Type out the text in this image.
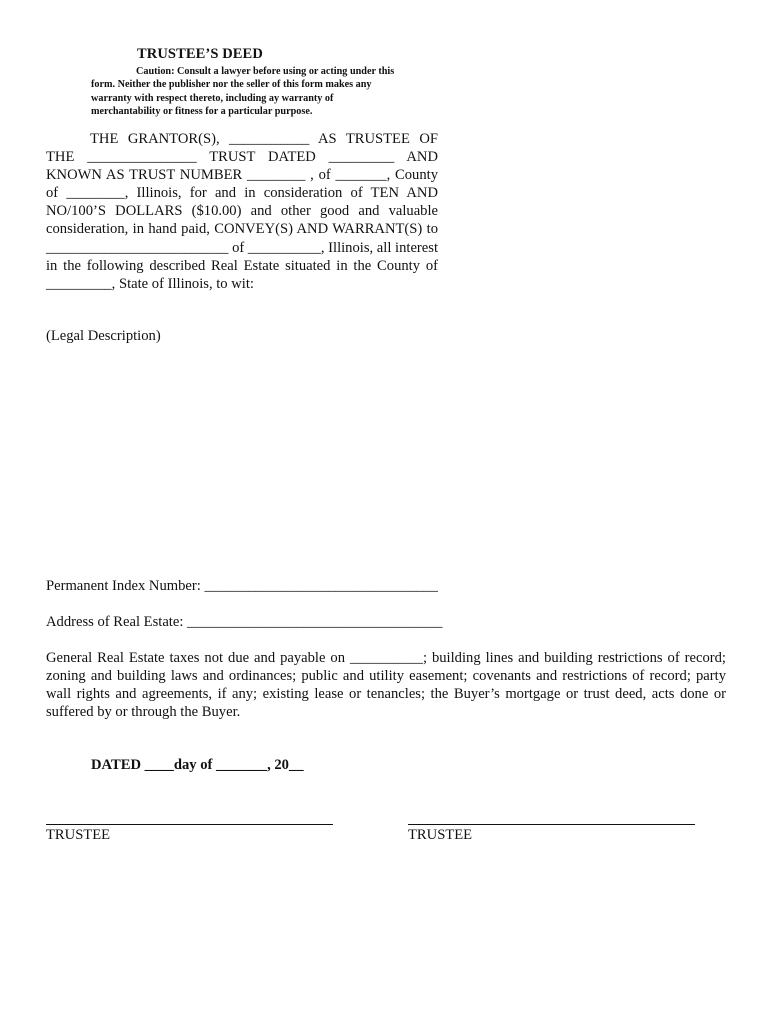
TRUSTEE’S DEED
Caution: Consult a lawyer before using or acting under this
form. Neither the publisher nor the seller of this form makes any
warranty with respect thereto, including ay warranty of
merchantability or fitness for a particular purpose.
THE GRANTOR(S), ___________ AS TRUSTEE OF THE _______________ TRUST DATED _________ AND KNOWN AS TRUST NUMBER ________ , of _______, County of ________, Illinois, for and in consideration of TEN AND NO/100’S DOLLARS ($10.00) and other good and valuable consideration, in hand paid, CONVEY(S) AND WARRANT(S) to _________________________ of __________, Illinois, all interest in the following described Real Estate situated in the County of _________, State of Illinois, to wit:
(Legal Description)
Permanent Index Number: ________________________________
Address of Real Estate: ___________________________________
General Real Estate taxes not due and payable on __________; building lines and building restrictions of record; zoning and building laws and ordinances; public and utility easement; covenants and restrictions of record; party wall rights and agreements, if any; existing lease or tenancles; the Buyer’s mortgage or trust deed, acts done or suffered by or through the Buyer.
DATED ____day of _______, 20__
TRUSTEE	TRUSTEE
